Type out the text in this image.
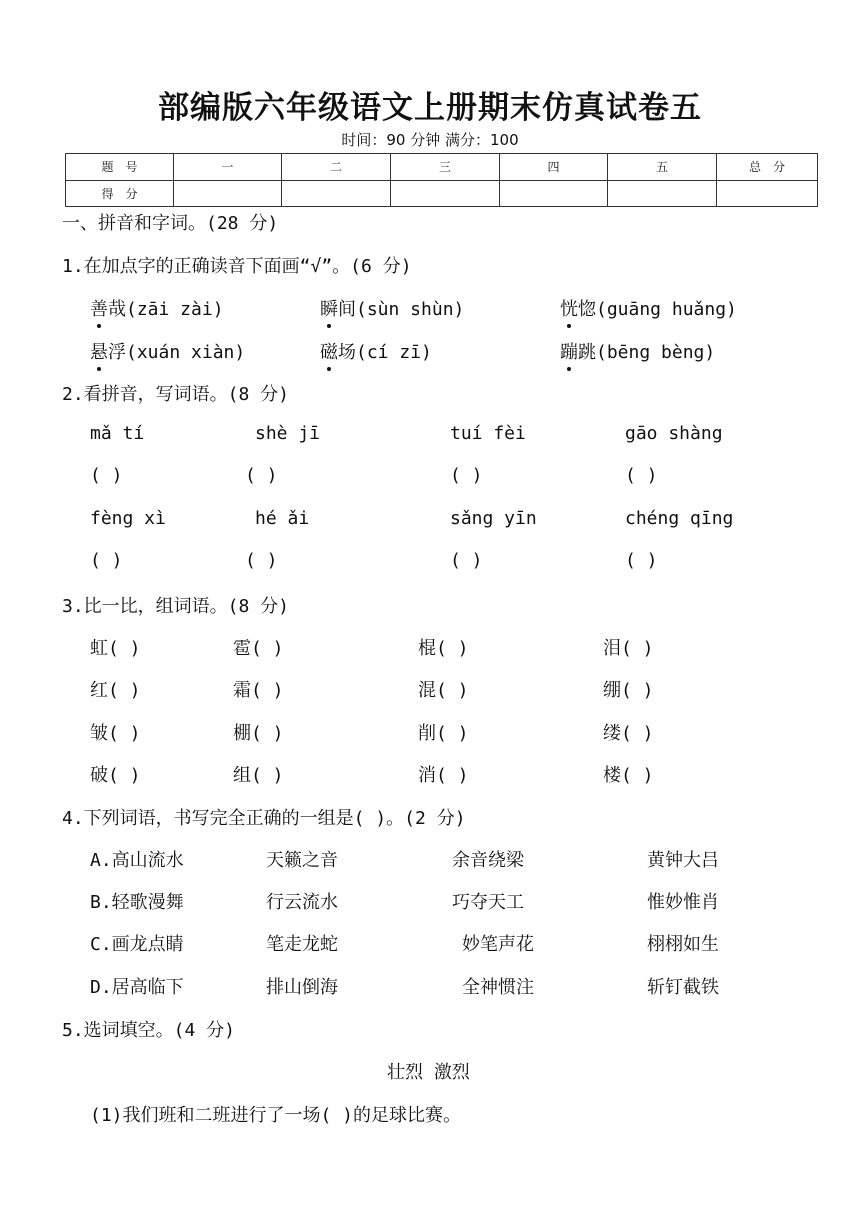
部编版六年级语文上册期末仿真试卷五
时间：90 分钟 满分：100
题　号	一	二	三	四	五	总　分
得　分						
一、拼音和字词。(28 分)
1.在加点字的正确读音下面画“√”。(6 分)
善哉(zāi zài)	瞬间(sùn shùn)	恍惚(guāng huǎng)
悬浮(xuán xiàn)	磁场(cí zī)	蹦跳(bēng bèng)
2.看拼音，写词语。(8 分)
mǎ tí	shè jī	tuí fèi	gāo shàng
( )	( )	( )	( )
fèng xì	hé ǎi	sǎng yīn	chéng qīng
( )	( )	( )	( )
3.比一比，组词语。(8 分)
虹( )	雹( )	棍( )	泪( )
红( )	霜( )	混( )	绷( )
皱( )	棚( )	削( )	缕( )
破( )	组( )	消( )	楼( )
4.下列词语，书写完全正确的一组是( )。(2 分)
A.高山流水	天籁之音	余音绕梁	黄钟大吕
B.轻歌漫舞	行云流水	巧夺天工	惟妙惟肖
C.画龙点睛	笔走龙蛇	妙笔声花	栩栩如生
D.居高临下	排山倒海	全神惯注	斩钉截铁
5.选词填空。(4 分)
壮烈 激烈
(1)我们班和二班进行了一场( )的足球比赛。
